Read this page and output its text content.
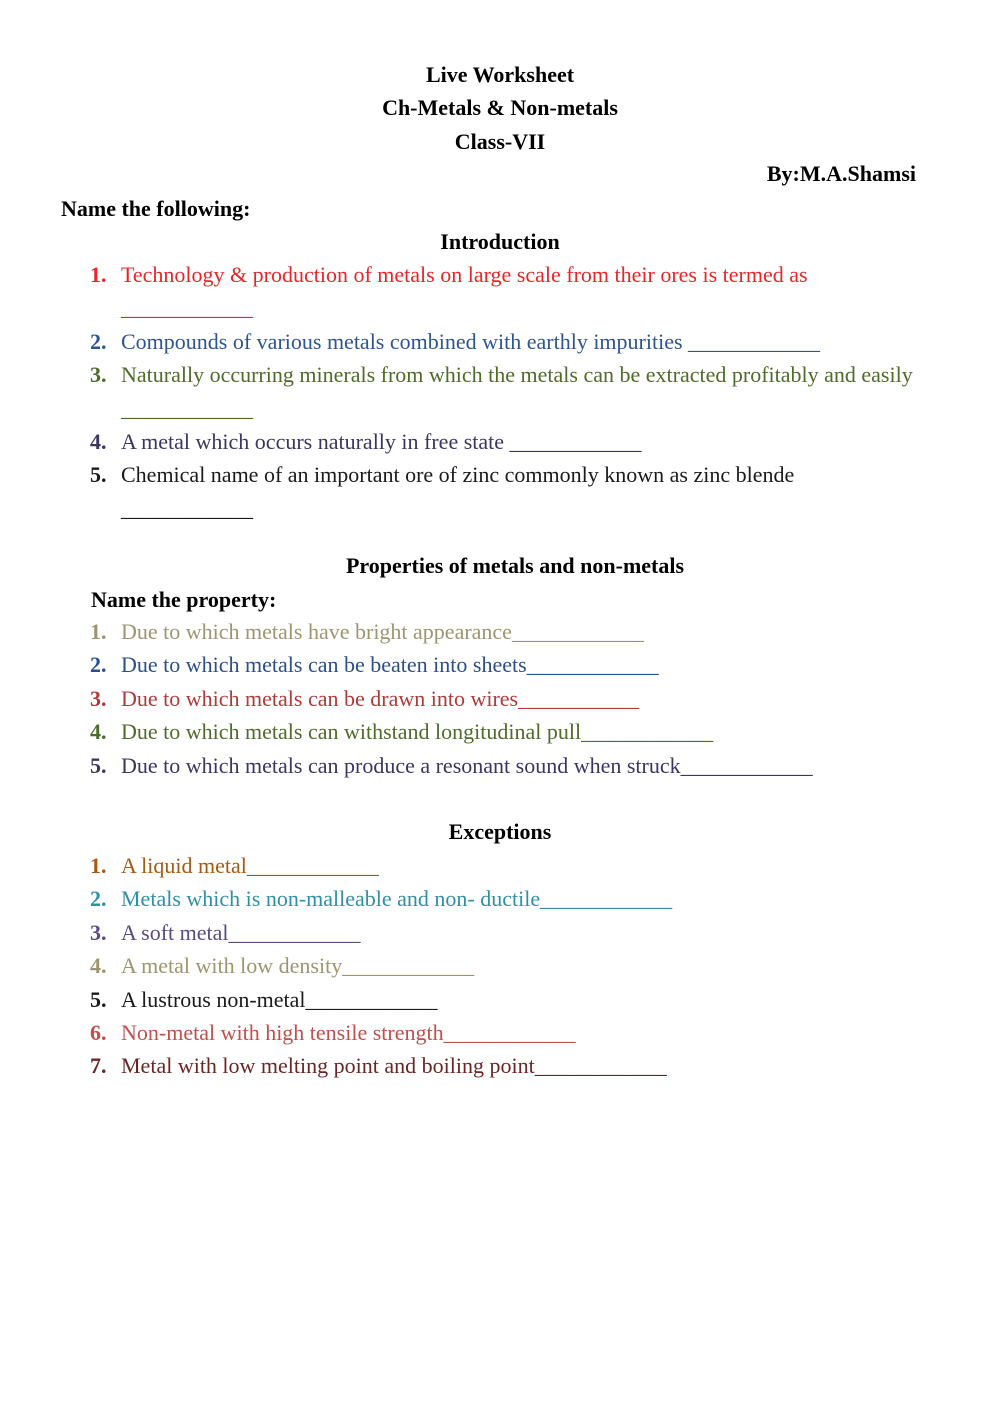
Live Worksheet
Ch-Metals & Non-metals
Class-VII
By:M.A.Shamsi
Name the following:
Introduction
1. Technology & production of metals on large scale from their ores is termed as____________
2. Compounds of various metals combined with earthly impurities ____________
3. Naturally occurring minerals from which the metals can be extracted profitably and easily____________
4. A metal which occurs naturally in free state ____________
5. Chemical name of an important ore of zinc commonly known as zinc blende____________
Properties of metals and non-metals
Name the property:
1. Due to which metals have bright appearance____________
2. Due to which metals can be beaten into sheets____________
3. Due to which metals can be drawn into wires___________
4. Due to which metals can withstand longitudinal pull____________
5. Due to which metals can produce a resonant sound when struck____________
Exceptions
1. A liquid metal____________
2. Metals which is non-malleable and non- ductile____________
3. A soft metal____________
4. A metal with low density____________
5. A lustrous non-metal____________
6. Non-metal with high tensile strength____________
7. Metal with low melting point and boiling point____________
